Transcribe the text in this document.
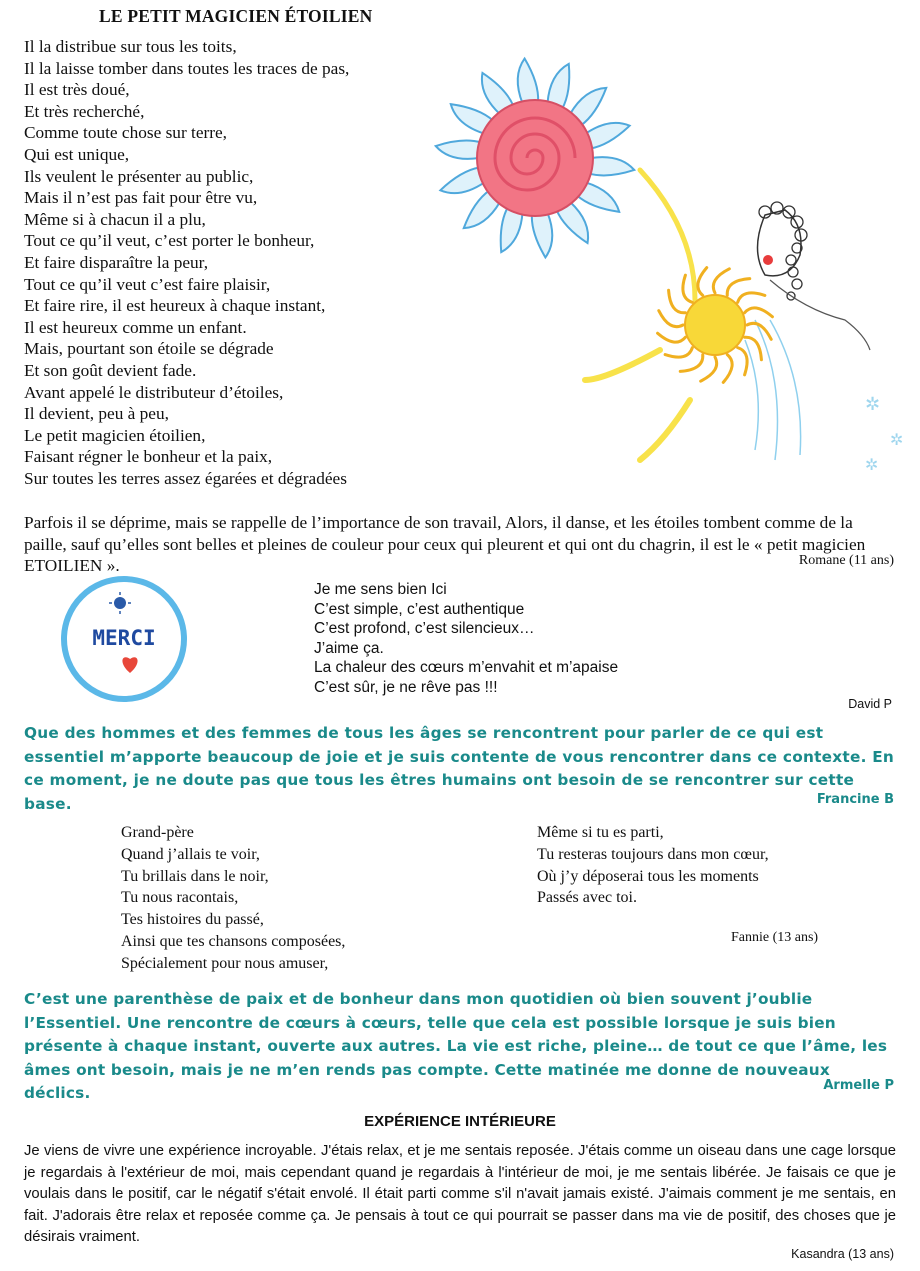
LE PETIT MAGICIEN ÉTOILIEN
Il la distribue sur tous les toits,
Il la laisse tomber dans toutes les traces de pas,
Il est très doué,
Et très recherché,
Comme toute chose sur terre,
Qui est unique,
Ils veulent le présenter au public,
Mais il n’est pas fait pour être vu,
Même si à chacun il a plu,
Tout ce qu’il veut, c’est porter le bonheur,
Et faire disparaître la peur,
Tout ce qu’il veut c’est faire plaisir,
Et faire rire, il est heureux à chaque instant,
Il est heureux comme un enfant.
Mais, pourtant son étoile se dégrade
Et son goût devient fade.
Avant appelé le distributeur d’étoiles,
Il devient, peu à peu,
Le petit magicien étoilien,
Faisant régner le bonheur et la paix,
Sur toutes les terres assez égarées et dégradées
Parfois il se déprime, mais se rappelle de l’importance de son travail, Alors, il danse, et les étoiles tombent comme de la paille, sauf qu’elles sont belles et pleines de couleur pour ceux qui pleurent et qui ont du chagrin, il est le « petit magicien ETOILIEN ».	Romane (11 ans)
✲
✲
✲
MERCI
Je me sens bien Ici
C’est simple, c’est authentique
C’est profond, c’est silencieux…
J’aime ça.
La chaleur des cœurs m’envahit et m’apaise
C’est sûr, je ne rêve pas !!!
David P
Que des hommes et des femmes de tous les âges se rencontrent pour parler de ce qui est essentiel m’apporte beaucoup de joie et je suis contente de vous rencontrer dans ce contexte. En ce moment, je ne doute pas que tous les êtres humains ont besoin de se rencontrer sur cette base.	Francine B
Grand-père
Quand j’allais te voir,
Tu brillais dans le noir,
Tu nous racontais,
Tes histoires du passé,
Ainsi que tes chansons composées,
Spécialement pour nous amuser,
Même si tu es parti,
Tu resteras toujours dans mon cœur,
Où j’y déposerai tous les moments
Passés avec toi.
Fannie (13 ans)
C’est une parenthèse de paix et de bonheur dans mon quotidien où bien souvent j’oublie l’Essentiel. Une rencontre de cœurs à cœurs, telle que cela est possible lorsque je suis bien présente à chaque instant, ouverte aux autres. La vie est riche, pleine… de tout ce que l’âme, les âmes ont besoin, mais je ne m’en rends pas compte. Cette matinée me donne de nouveaux déclics.	Armelle P
EXPÉRIENCE INTÉRIEURE
Je viens de vivre une expérience incroyable. J'étais relax, et je me sentais reposée. J'étais comme un oiseau dans une cage lorsque je regardais à l'extérieur de moi, mais cependant quand je regardais à l'intérieur de moi, je me sentais libérée. Je faisais ce que je voulais dans le positif, car le négatif s'était envolé. Il était parti comme s'il n'avait jamais existé. J'aimais comment je me sentais, en fait. J'adorais être relax et reposée comme ça. Je pensais à tout ce qui pourrait se passer dans ma vie de positif, des choses que je désirais vraiment.
Kasandra (13 ans)
